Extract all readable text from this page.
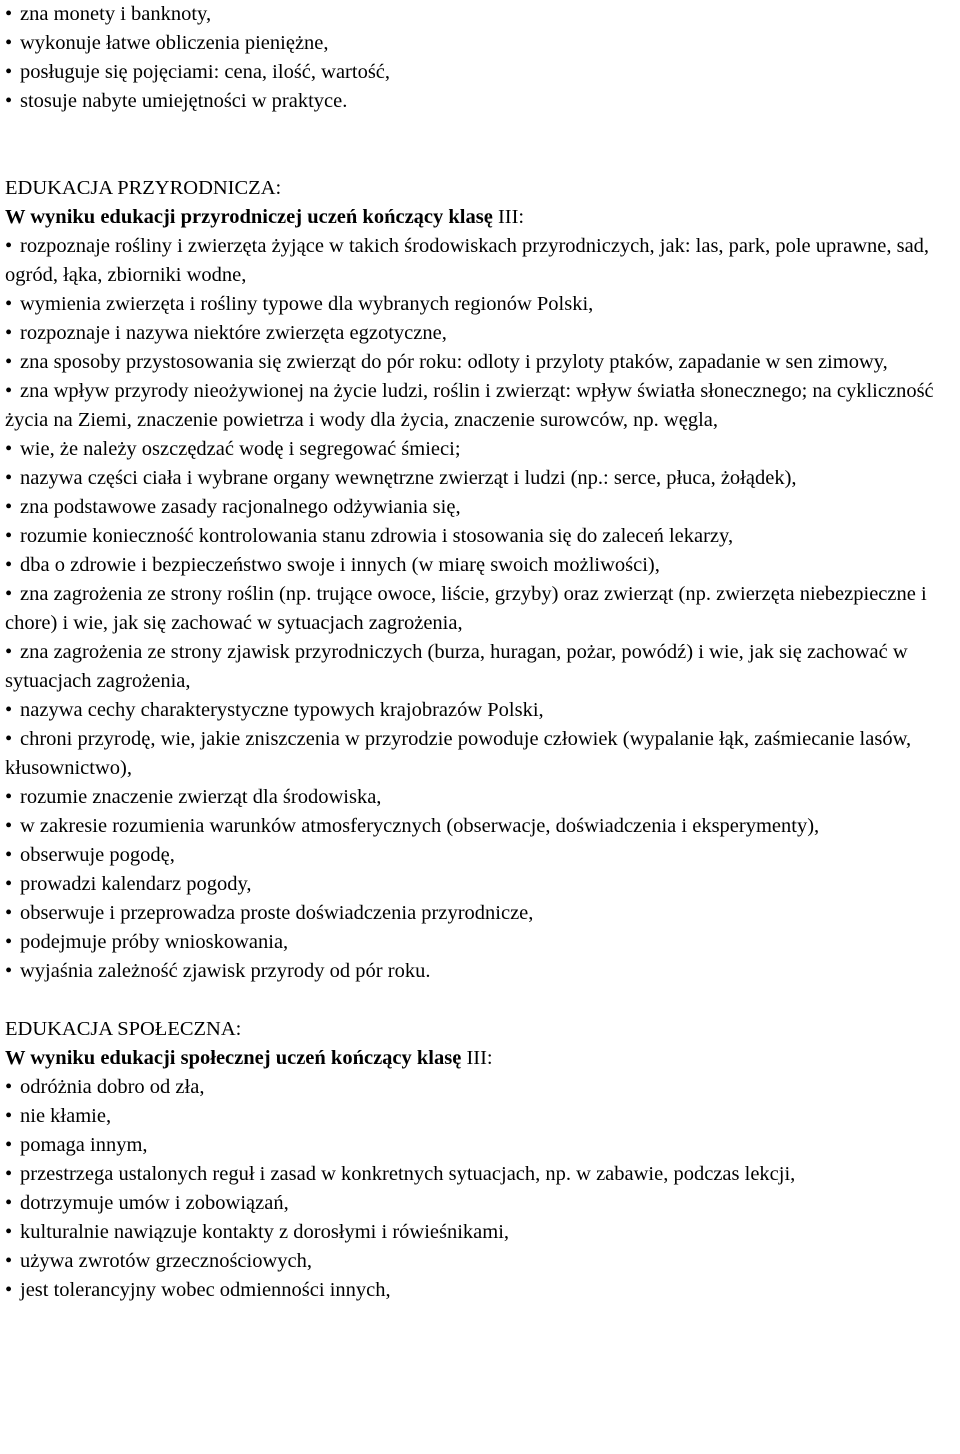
• zna monety i banknoty,
• wykonuje łatwe obliczenia pieniężne,
• posługuje się pojęciami: cena, ilość, wartość,
• stosuje nabyte umiejętności w praktyce.
EDUKACJA PRZYRODNICZA:

W wyniku edukacji przyrodniczej uczeń kończący klasę III:

• rozpoznaje rośliny i zwierzęta żyjące w takich środowiskach przyrodniczych, jak: las, park, pole uprawne, sad, ogród, łąka, zbiorniki wodne,
• wymienia zwierzęta i rośliny typowe dla wybranych regionów Polski,
• rozpoznaje i nazywa niektóre zwierzęta egzotyczne,
• zna sposoby przystosowania się zwierząt do pór roku: odloty i przyloty ptaków, zapadanie w sen zimowy,
• zna wpływ przyrody nieożywionej na życie ludzi, roślin i zwierząt: wpływ światła słonecznego; na cykliczność życia na Ziemi, znaczenie powietrza i wody dla życia, znaczenie surowców, np. węgla,
• wie, że należy oszczędzać wodę i segregować śmieci;
• nazywa części ciała i wybrane organy wewnętrzne zwierząt i ludzi (np.: serce, płuca, żołądek),
• zna podstawowe zasady racjonalnego odżywiania się,
• rozumie konieczność kontrolowania stanu zdrowia i stosowania się do zaleceń lekarzy,
• dba o zdrowie i bezpieczeństwo swoje i innych (w miarę swoich możliwości),
• zna zagrożenia ze strony roślin (np. trujące owoce, liście, grzyby) oraz zwierząt (np. zwierzęta niebezpieczne i chore) i wie, jak się zachować w sytuacjach zagrożenia,
• zna zagrożenia ze strony zjawisk przyrodniczych (burza, huragan, pożar, powódź) i wie, jak się zachować w sytuacjach zagrożenia,
• nazywa cechy charakterystyczne typowych krajobrazów Polski,
• chroni przyrodę, wie, jakie zniszczenia w przyrodzie powoduje człowiek (wypalanie łąk, zaśmiecanie lasów, kłusownictwo),
• rozumie znaczenie zwierząt dla środowiska,
• w zakresie rozumienia warunków atmosferycznych (obserwacje, doświadczenia i eksperymenty),
• obserwuje pogodę,
• prowadzi kalendarz pogody,
• obserwuje i przeprowadza proste doświadczenia przyrodnicze,
• podejmuje próby wnioskowania,
• wyjaśnia zależność zjawisk przyrody od pór roku.
EDUKACJA SPOŁECZNA:

W wyniku edukacji społecznej uczeń kończący klasę III:

• odróżnia dobro od zła,
• nie kłamie,
• pomaga innym,
• przestrzega ustalonych reguł i zasad w konkretnych sytuacjach, np. w zabawie, podczas lekcji,
• dotrzymuje umów i zobowiązań,
• kulturalnie nawiązuje kontakty z dorosłymi i rówieśnikami,
• używa zwrotów grzecznościowych,
• jest tolerancyjny wobec odmienności innych,
